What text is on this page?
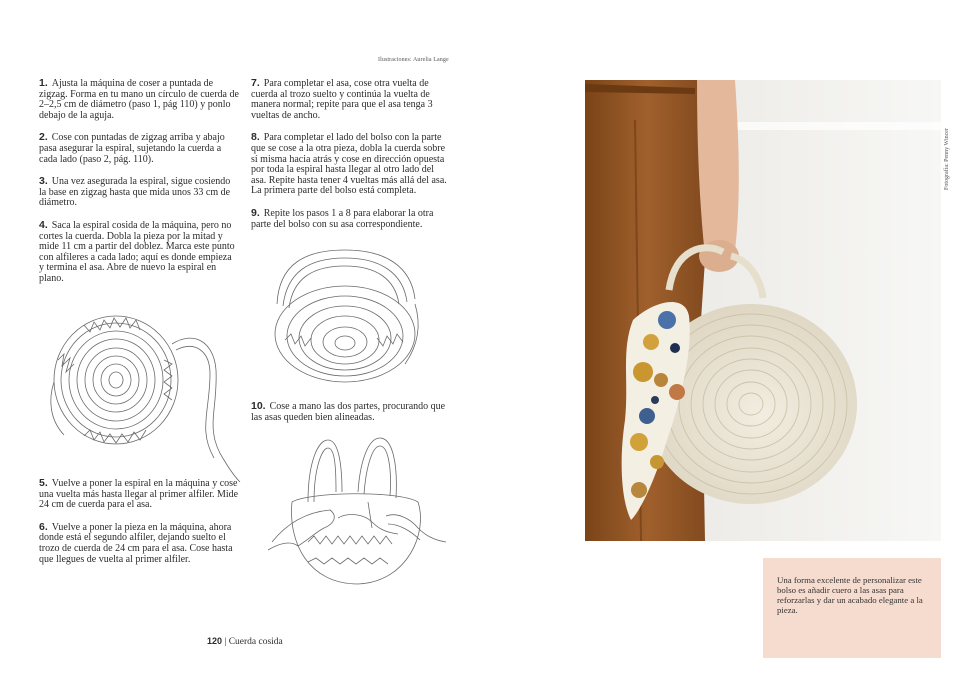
Ilustraciones: Aurelia Lange
Fotografía: Penny Wincer

1. Ajusta la máquina de coser a puntada de zigzag. Forma en tu mano un círculo de cuerda de 2–2,5 cm de diámetro (paso 1, pág 110) y ponlo debajo de la aguja.

2. Cose con puntadas de zigzag arriba y abajo pasa asegurar la espiral, sujetando la cuerda a cada lado (paso 2, pág. 110).

3. Una vez asegurada la espiral, sigue cosiendo la base en zigzag hasta que mida unos 33 cm de diámetro.

4. Saca la espiral cosida de la máquina, pero no cortes la cuerda. Dobla la pieza por la mitad y mide 11 cm a partir del doblez. Marca este punto con alfileres a cada lado; aquí es donde empieza y termina el asa. Abre de nuevo la espiral en plano.

5. Vuelve a poner la espiral en la máquina y cose una vuelta más hasta llegar al primer alfiler. Mide 24 cm de cuerda para el asa.

6. Vuelve a poner la pieza en la máquina, ahora donde está el segundo alfiler, dejando suelto el trozo de cuerda de 24 cm para el asa. Cose hasta que llegues de vuelta al primer alfiler.

7. Para completar el asa, cose otra vuelta de cuerda al trozo suelto y continúa la vuelta de manera normal; repite para que el asa tenga 3 vueltas de ancho.

8. Para completar el lado del bolso con la parte que se cose a la otra pieza, dobla la cuerda sobre sí misma hacia atrás y cose en dirección opuesta por toda la espiral hasta llegar al otro lado del asa. Repite hasta tener 4 vueltas más allá del asa. La primera parte del bolso está completa.

9. Repite los pasos 1 a 8 para elaborar la otra parte del bolso con su asa correspondiente.

10. Cose a mano las dos partes, procurando que las asas queden bien alineadas.

120 | Cuerda cosida

Una forma excelente de personalizar este bolso es añadir cuero a las asas para reforzarlas y dar un acabado elegante a la pieza.
